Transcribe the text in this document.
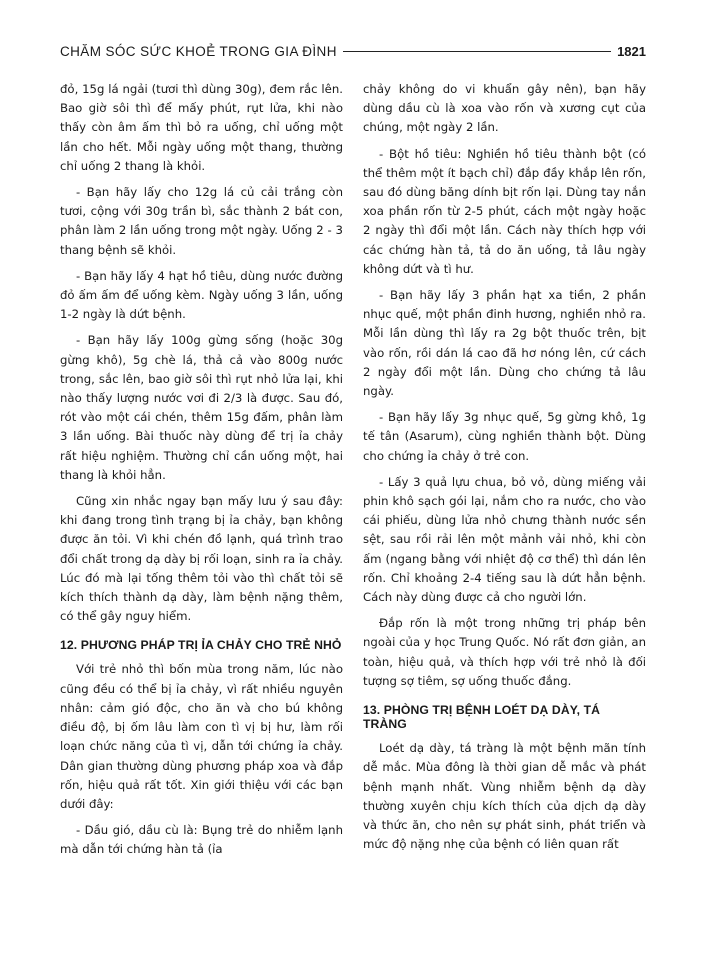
CHĂM SÓC SỨC KHOẺ TRONG GIA ĐÌNH	1821

đỏ, 15g lá ngải (tươi thì dùng 30g), đem rắc lên. Bao giờ sôi thì để mấy phút, rụt lửa, khi nào thấy còn âm ấm thì bỏ ra uống, chỉ uống một lần cho hết. Mỗi ngày uống một thang, thường chỉ uống 2 thang là khỏi.

- Bạn hãy lấy cho 12g lá củ cải trắng còn tươi, cộng với 30g trần bì, sắc thành 2 bát con, phân làm 2 lần uống trong một ngày. Uống 2 - 3 thang bệnh sẽ khỏi.

- Bạn hãy lấy 4 hạt hồ tiêu, dùng nước đường đỏ ấm ấm để uống kèm. Ngày uống 3 lần, uống 1-2 ngày là dứt bệnh.

- Bạn hãy lấy 100g gừng sống (hoặc 30g gừng khô), 5g chè lá, thả cả vào 800g nước trong, sắc lên, bao giờ sôi thì rụt nhỏ lửa lại, khi nào thấy lượng nước vơi đi 2/3 là được. Sau đó, rót vào một cái chén, thêm 15g đấm, phân làm 3 lần uống. Bài thuốc này dùng để trị ỉa chảy rất hiệu nghiệm. Thường chỉ cần uống một, hai thang là khỏi hẳn.

Cũng xin nhắc ngay bạn mấy lưu ý sau đây: khi đang trong tình trạng bị ỉa chảy, bạn không được ăn tỏi. Vì khi chén đồ lạnh, quá trình trao đổi chất trong dạ dày bị rối loạn, sinh ra ỉa chảy. Lúc đó mà lại tống thêm tỏi vào thì chất tỏi sẽ kích thích thành dạ dày, làm bệnh nặng thêm, có thể gây nguy hiểm.

12. PHƯƠNG PHÁP TRỊ ỈA CHẢY CHO TRẺ NHỎ

Với trẻ nhỏ thì bốn mùa trong năm, lúc nào cũng đều có thể bị ỉa chảy, vì rất nhiều nguyên nhân: cảm gió độc, cho ăn và cho bú không điều độ, bị ốm lâu làm con tì vị bị hư, làm rối loạn chức năng của tì vị, dẫn tới chứng ỉa chảy. Dân gian thường dùng phương pháp xoa và đắp rốn, hiệu quả rất tốt. Xin giới thiệu với các bạn dưới đây:

- Dầu gió, dầu cù là: Bụng trẻ do nhiễm lạnh mà dẫn tới chứng hàn tả (ỉa

chảy không do vi khuẩn gây nên), bạn hãy dùng dầu cù là xoa vào rốn và xương cụt của chúng, một ngày 2 lần.

- Bột hồ tiêu: Nghiền hồ tiêu thành bột (có thể thêm một ít bạch chỉ) đắp đầy khắp lên rốn, sau đó dùng băng dính bịt rốn lại. Dùng tay nắn xoa phần rốn từ 2-5 phút, cách một ngày hoặc 2 ngày thì đổi một lần. Cách này thích hợp với các chứng hàn tả, tả do ăn uống, tả lâu ngày không dứt và tì hư.

- Bạn hãy lấy 3 phần hạt xa tiền, 2 phần nhục quế, một phần đinh hương, nghiền nhỏ ra. Mỗi lần dùng thì lấy ra 2g bột thuốc trên, bịt vào rốn, rồi dán lá cao đã hơ nóng lên, cứ cách 2 ngày đổi một lần. Dùng cho chứng tả lâu ngày.

- Bạn hãy lấy 3g nhục quế, 5g gừng khô, 1g tế tân (Asarum), cùng nghiền thành bột. Dùng cho chứng ỉa chảy ở trẻ con.

- Lấy 3 quả lựu chua, bỏ vỏ, dùng miếng vải phin khô sạch gói lại, nắm cho ra nước, cho vào cái phiếu, dùng lửa nhỏ chưng thành nước sền sệt, sau rồi rải lên một mảnh vải nhỏ, khi còn ấm (ngang bằng với nhiệt độ cơ thể) thì dán lên rốn. Chỉ khoảng 2-4 tiếng sau là dứt hẳn bệnh. Cách này dùng được cả cho người lớn.

Đắp rốn là một trong những trị pháp bên ngoài của y học Trung Quốc. Nó rất đơn giản, an toàn, hiệu quả, và thích hợp với trẻ nhỏ là đối tượng sợ tiêm, sợ uống thuốc đắng.

13. PHÒNG TRỊ BỆNH LOÉT DẠ DÀY, TÁ TRÀNG

Loét dạ dày, tá tràng là một bệnh mãn tính dễ mắc. Mùa đông là thời gian dễ mắc và phát bệnh mạnh nhất. Vùng nhiễm bệnh dạ dày thường xuyên chịu kích thích của dịch dạ dày và thức ăn, cho nên sự phát sinh, phát triển và mức độ nặng nhẹ của bệnh có liên quan rất
